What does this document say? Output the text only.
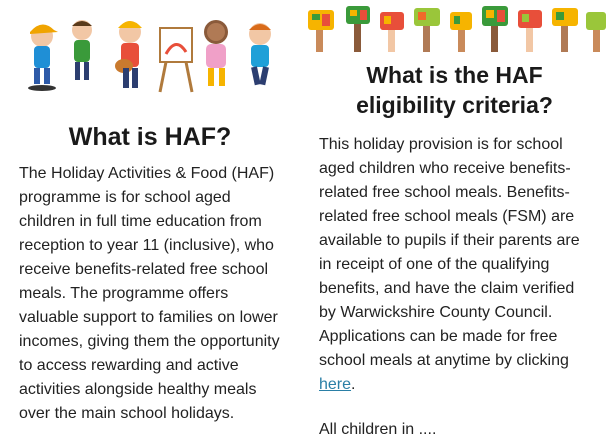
What is HAF?

The Holiday Activities & Food (HAF) programme is for school aged children in full time education from reception to year 11 (inclusive), who receive benefits-related free school meals. The programme offers valuable support to families on lower incomes, giving them the opportunity to access rewarding and active activities alongside healthy meals over the main school holidays.

What is the HAF
eligibility criteria?

This holiday provision is for school aged children who receive benefits-related free school meals. Benefits-related free school meals (FSM) are available to pupils if their parents are in receipt of one of the qualifying benefits, and have the claim verified by Warwickshire County Council. Applications can be made for free school meals at anytime by clicking here.

All children in ....
